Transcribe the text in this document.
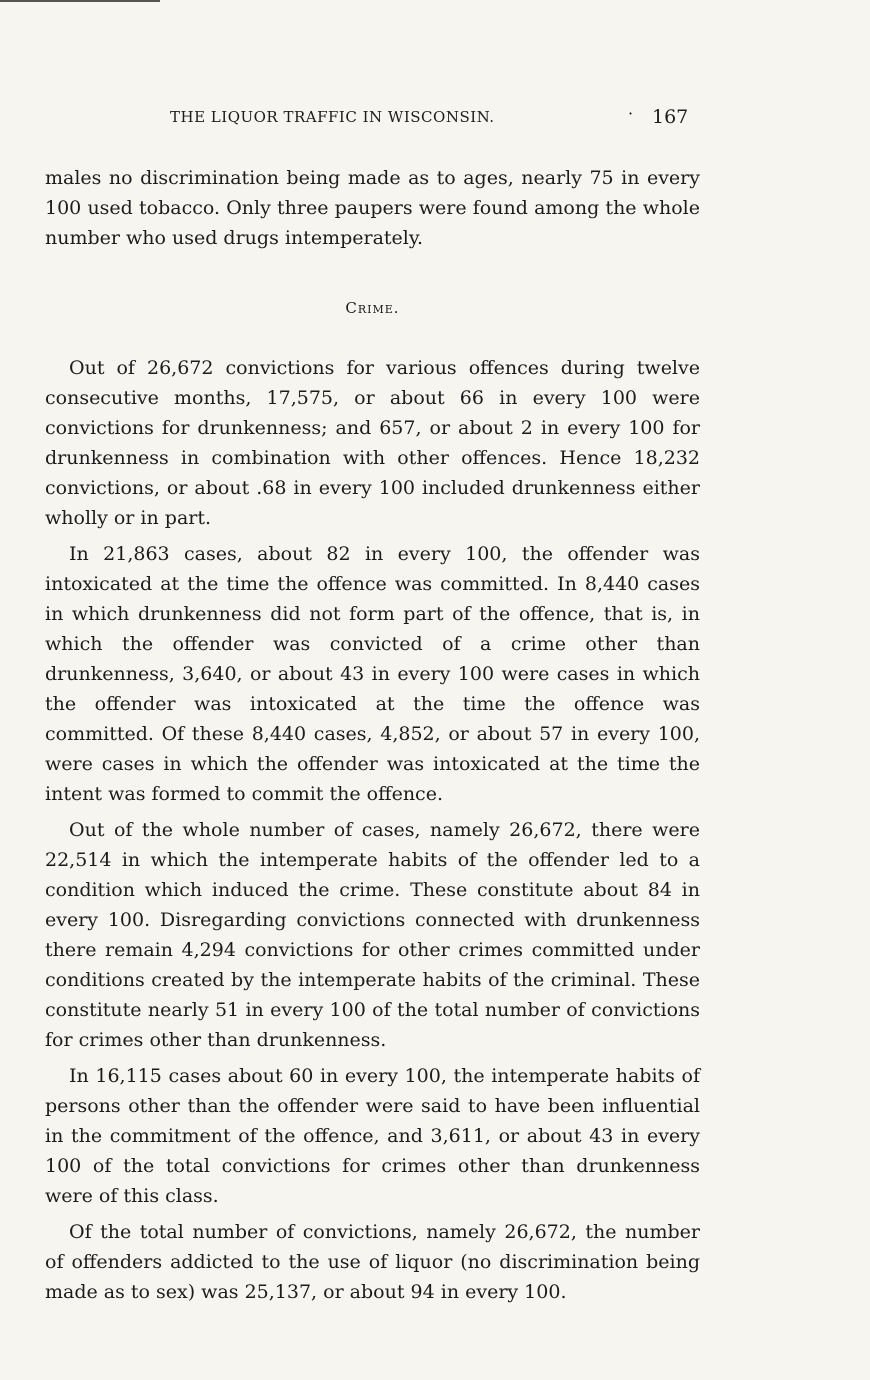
THE LIQUOR TRAFFIC IN WISCONSIN.	· 167

males no discrimination being made as to ages, nearly 75 in every 100 used tobacco. Only three paupers were found among the whole number who used drugs intemperately.

Crime.

Out of 26,672 convictions for various offences during twelve consecutive months, 17,575, or about 66 in every 100 were convictions for drunkenness; and 657, or about 2 in every 100 for drunkenness in combination with other offences. Hence 18,232 convictions, or about .68 in every 100 included drunkenness either wholly or in part.

In 21,863 cases, about 82 in every 100, the offender was intoxicated at the time the offence was committed. In 8,440 cases in which drunkenness did not form part of the offence, that is, in which the offender was convicted of a crime other than drunkenness, 3,640, or about 43 in every 100 were cases in which the offender was intoxicated at the time the offence was committed. Of these 8,440 cases, 4,852, or about 57 in every 100, were cases in which the offender was intoxicated at the time the intent was formed to commit the offence.

Out of the whole number of cases, namely 26,672, there were 22,514 in which the intemperate habits of the offender led to a condition which induced the crime. These constitute about 84 in every 100. Disregarding convictions connected with drunkenness there remain 4,294 convictions for other crimes committed under conditions created by the intemperate habits of the criminal. These constitute nearly 51 in every 100 of the total number of convictions for crimes other than drunkenness.

In 16,115 cases about 60 in every 100, the intemperate habits of persons other than the offender were said to have been influential in the commitment of the offence, and 3,611, or about 43 in every 100 of the total convictions for crimes other than drunkenness were of this class.

Of the total number of convictions, namely 26,672, the number of offenders addicted to the use of liquor (no discrimination being made as to sex) was 25,137, or about 94 in every 100.
